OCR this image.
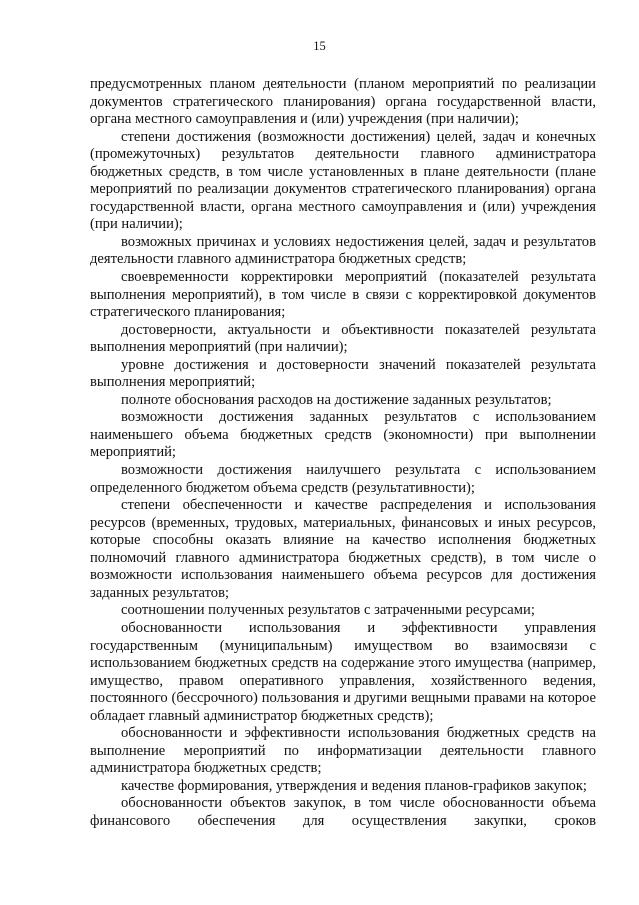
15

предусмотренных планом деятельности (планом мероприятий по реализации документов стратегического планирования) органа государственной власти, органа местного самоуправления и (или) учреждения (при наличии);

степени достижения (возможности достижения) целей, задач и конечных (промежуточных) результатов деятельности главного администратора бюджетных средств, в том числе установленных в плане деятельности (плане мероприятий по реализации документов стратегического планирования) органа государственной власти, органа местного самоуправления и (или) учреждения (при наличии);

возможных причинах и условиях недостижения целей, задач и результатов деятельности главного администратора бюджетных средств;

своевременности корректировки мероприятий (показателей результата выполнения мероприятий), в том числе в связи с корректировкой документов стратегического планирования;

достоверности, актуальности и объективности показателей результата выполнения мероприятий (при наличии);

уровне достижения и достоверности значений показателей результата выполнения мероприятий;

полноте обоснования расходов на достижение заданных результатов;

возможности достижения заданных результатов с использованием наименьшего объема бюджетных средств (экономности) при выполнении мероприятий;

возможности достижения наилучшего результата с использованием определенного бюджетом объема средств (результативности);

степени обеспеченности и качестве распределения и использования ресурсов (временных, трудовых, материальных, финансовых и иных ресурсов, которые способны оказать влияние на качество исполнения бюджетных полномочий главного администратора бюджетных средств), в том числе о возможности использования наименьшего объема ресурсов для достижения заданных результатов;

соотношении полученных результатов с затраченными ресурсами;

обоснованности использования и эффективности управления государственным (муниципальным) имуществом во взаимосвязи с использованием бюджетных средств на содержание этого имущества (например, имущество, правом оперативного управления, хозяйственного ведения, постоянного (бессрочного) пользования и другими вещными правами на которое обладает главный администратор бюджетных средств);

обоснованности и эффективности использования бюджетных средств на выполнение мероприятий по информатизации деятельности главного администратора бюджетных средств;

качестве формирования, утверждения и ведения планов-графиков закупок;

обоснованности объектов закупок, в том числе обоснованности объема финансового обеспечения для осуществления закупки, сроков
